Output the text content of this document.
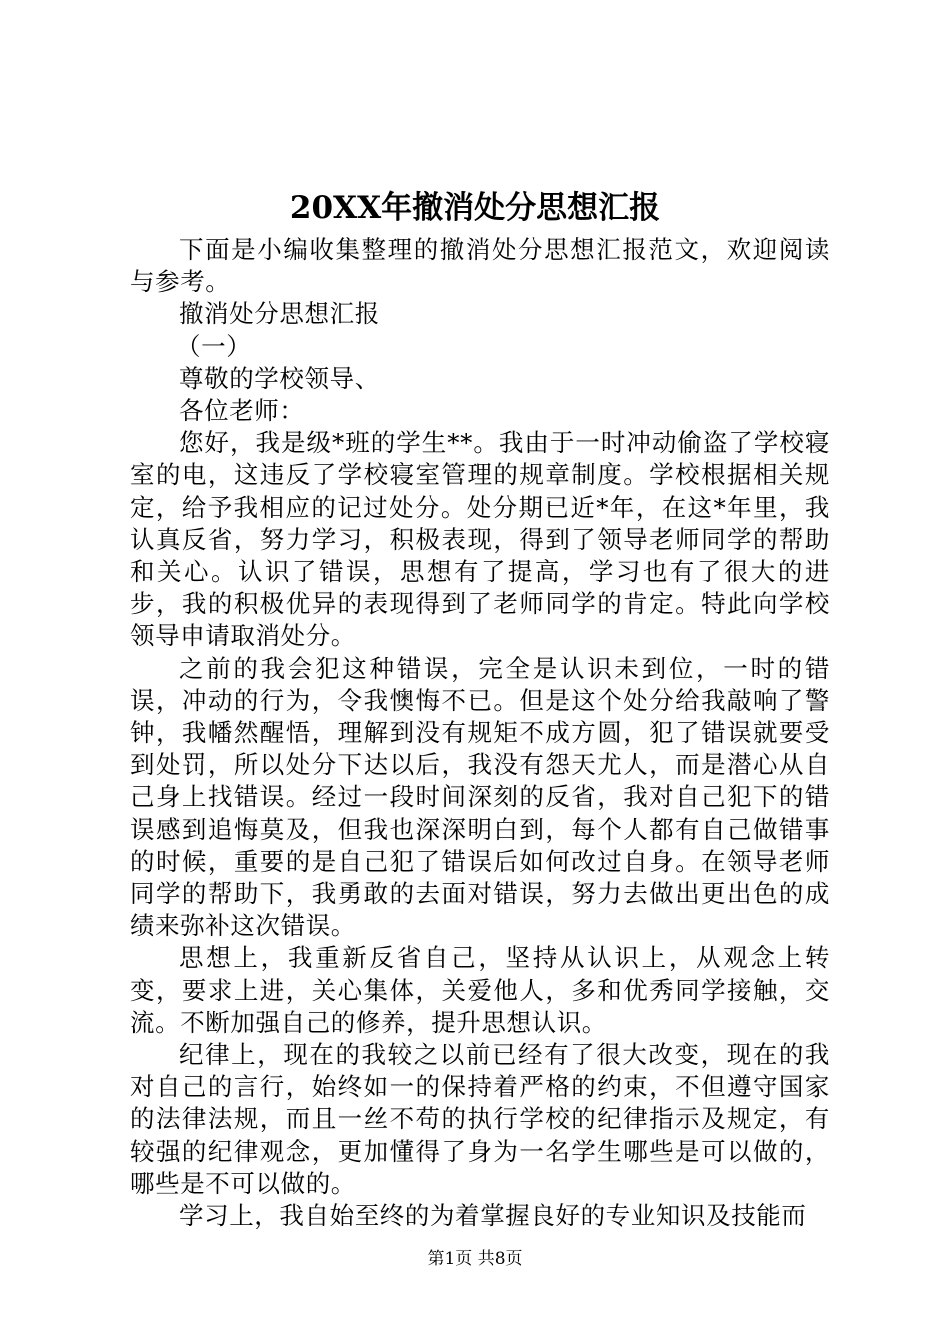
20XX年撤消处分思想汇报

下面是小编收集整理的撤消处分思想汇报范文，欢迎阅读与参考。

撤消处分思想汇报

（一）

尊敬的学校领导、

各位老师：

您好，我是级*班的学生**。我由于一时冲动偷盗了学校寝室的电，这违反了学校寝室管理的规章制度。学校根据相关规定，给予我相应的记过处分。处分期已近*年，在这*年里，我认真反省，努力学习，积极表现，得到了领导老师同学的帮助和关心。认识了错误，思想有了提高，学习也有了很大的进步，我的积极优异的表现得到了老师同学的肯定。特此向学校领导申请取消处分。

之前的我会犯这种错误，完全是认识未到位，一时的错误，冲动的行为，令我懊悔不已。但是这个处分给我敲响了警钟，我幡然醒悟，理解到没有规矩不成方圆，犯了错误就要受到处罚，所以处分下达以后，我没有怨天尤人，而是潜心从自己身上找错误。经过一段时间深刻的反省，我对自己犯下的错误感到追悔莫及，但我也深深明白到，每个人都有自己做错事的时候，重要的是自己犯了错误后如何改过自身。在领导老师同学的帮助下，我勇敢的去面对错误，努力去做出更出色的成绩来弥补这次错误。

思想上，我重新反省自己，坚持从认识上，从观念上转变，要求上进，关心集体，关爱他人，多和优秀同学接触，交流。不断加强自己的修养，提升思想认识。

纪律上，现在的我较之以前已经有了很大改变，现在的我对自己的言行，始终如一的保持着严格的约束，不但遵守国家的法律法规，而且一丝不苟的执行学校的纪律指示及规定，有较强的纪律观念，更加懂得了身为一名学生哪些是可以做的，哪些是不可以做的。

学习上，我自始至终的为着掌握良好的专业知识及技能而

第1页 共8页
